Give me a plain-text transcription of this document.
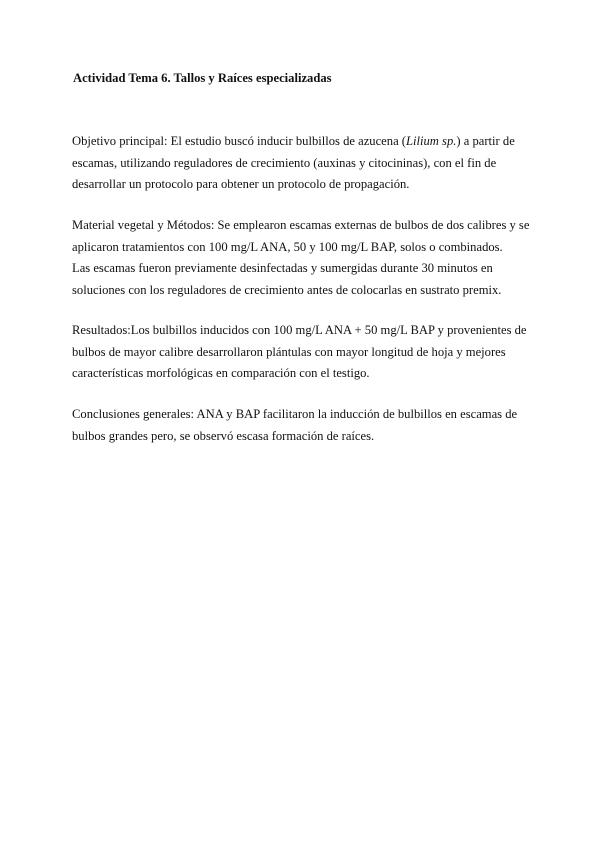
Actividad Tema 6. Tallos y Raíces especializadas

Objetivo principal: El estudio buscó inducir bulbillos de azucena (Lilium sp.) a partir de
escamas, utilizando reguladores de crecimiento (auxinas y citocininas), con el fin de
desarrollar un protocolo para obtener un protocolo de propagación.

Material vegetal y Métodos: Se emplearon escamas externas de bulbos de dos calibres y se
aplicaron tratamientos con 100 mg/L ANA, 50 y 100 mg/L BAP, solos o combinados.
Las escamas fueron previamente desinfectadas y sumergidas durante 30 minutos en
soluciones con los reguladores de crecimiento antes de colocarlas en sustrato premix.

Resultados:Los bulbillos inducidos con 100 mg/L ANA + 50 mg/L BAP y provenientes de
bulbos de mayor calibre desarrollaron plántulas con mayor longitud de hoja y mejores
características morfológicas en comparación con el testigo.

Conclusiones generales: ANA y BAP facilitaron la inducción de bulbillos en escamas de
bulbos grandes pero, se observó escasa formación de raíces.
